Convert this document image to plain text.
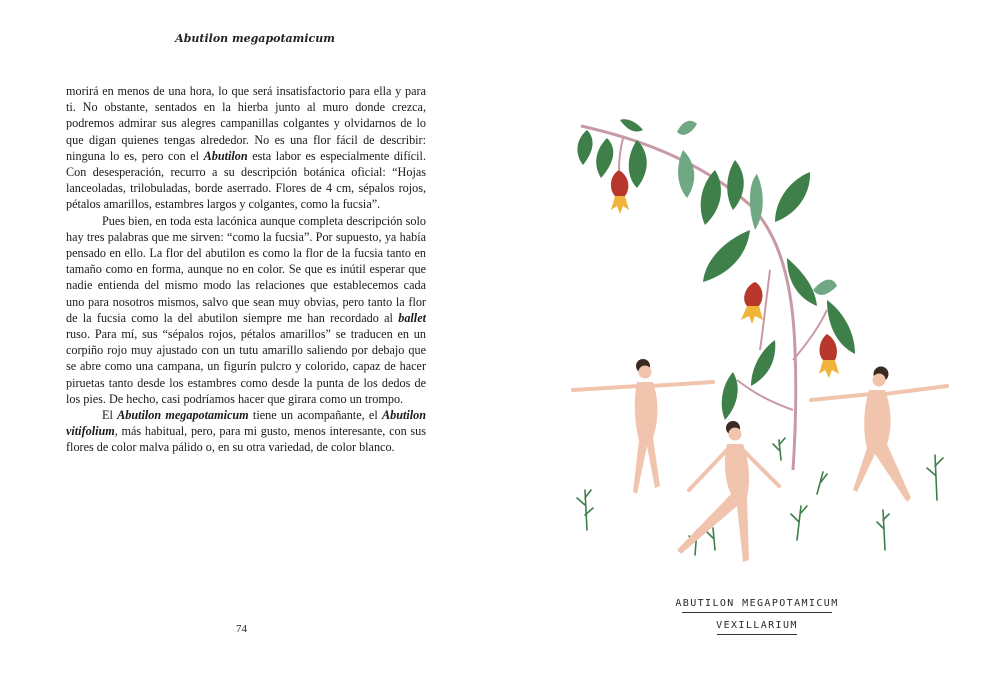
Abutilon megapotamicum

morirá en menos de una hora, lo que será insatisfactorio para ella y para ti. No obstante, sentados en la hierba junto al muro donde crezca, podremos admirar sus alegres campanillas colgantes y olvidarnos de lo que digan quienes tengas alrededor. No es una flor fácil de describir: ninguna lo es, pero con el Abutilon esta labor es especialmente difícil. Con desesperación, recurro a su descripción botánica oficial: “Hojas lanceoladas, trilobuladas, borde aserrado. Flores de 4 cm, sépalos rojos, pétalos amarillos, estambres largos y colgantes, como la fucsia”.

Pues bien, en toda esta lacónica aunque completa descripción solo hay tres palabras que me sirven: “como la fucsia”. Por supuesto, ya había pensado en ello. La flor del abutilon es como la flor de la fucsia tanto en tamaño como en forma, aunque no en color. Se que es inútil esperar que nadie entienda del mismo modo las relaciones que establecemos cada uno para nosotros mismos, salvo que sean muy obvias, pero tanto la flor de la fucsia como la del abutilon siempre me han recordado al ballet ruso. Para mí, sus “sépalos rojos, pétalos amarillos” se traducen en un corpiño rojo muy ajustado con un tutu amarillo saliendo por debajo que se abre como una campana, un figurín pulcro y colorido, capaz de hacer piruetas tanto desde los estambres como desde la punta de los dedos de los pies. De hecho, casi podríamos hacer que girara como un trompo.

El Abutilon megapotamicum tiene un acompañante, el Abutilon vitifolium, más habitual, pero, para mi gusto, menos interesante, con sus flores de color malva pálido o, en su otra variedad, de color blanco.

74
ABUTILON MEGAPOTAMICUM
VEXILLARIUM
